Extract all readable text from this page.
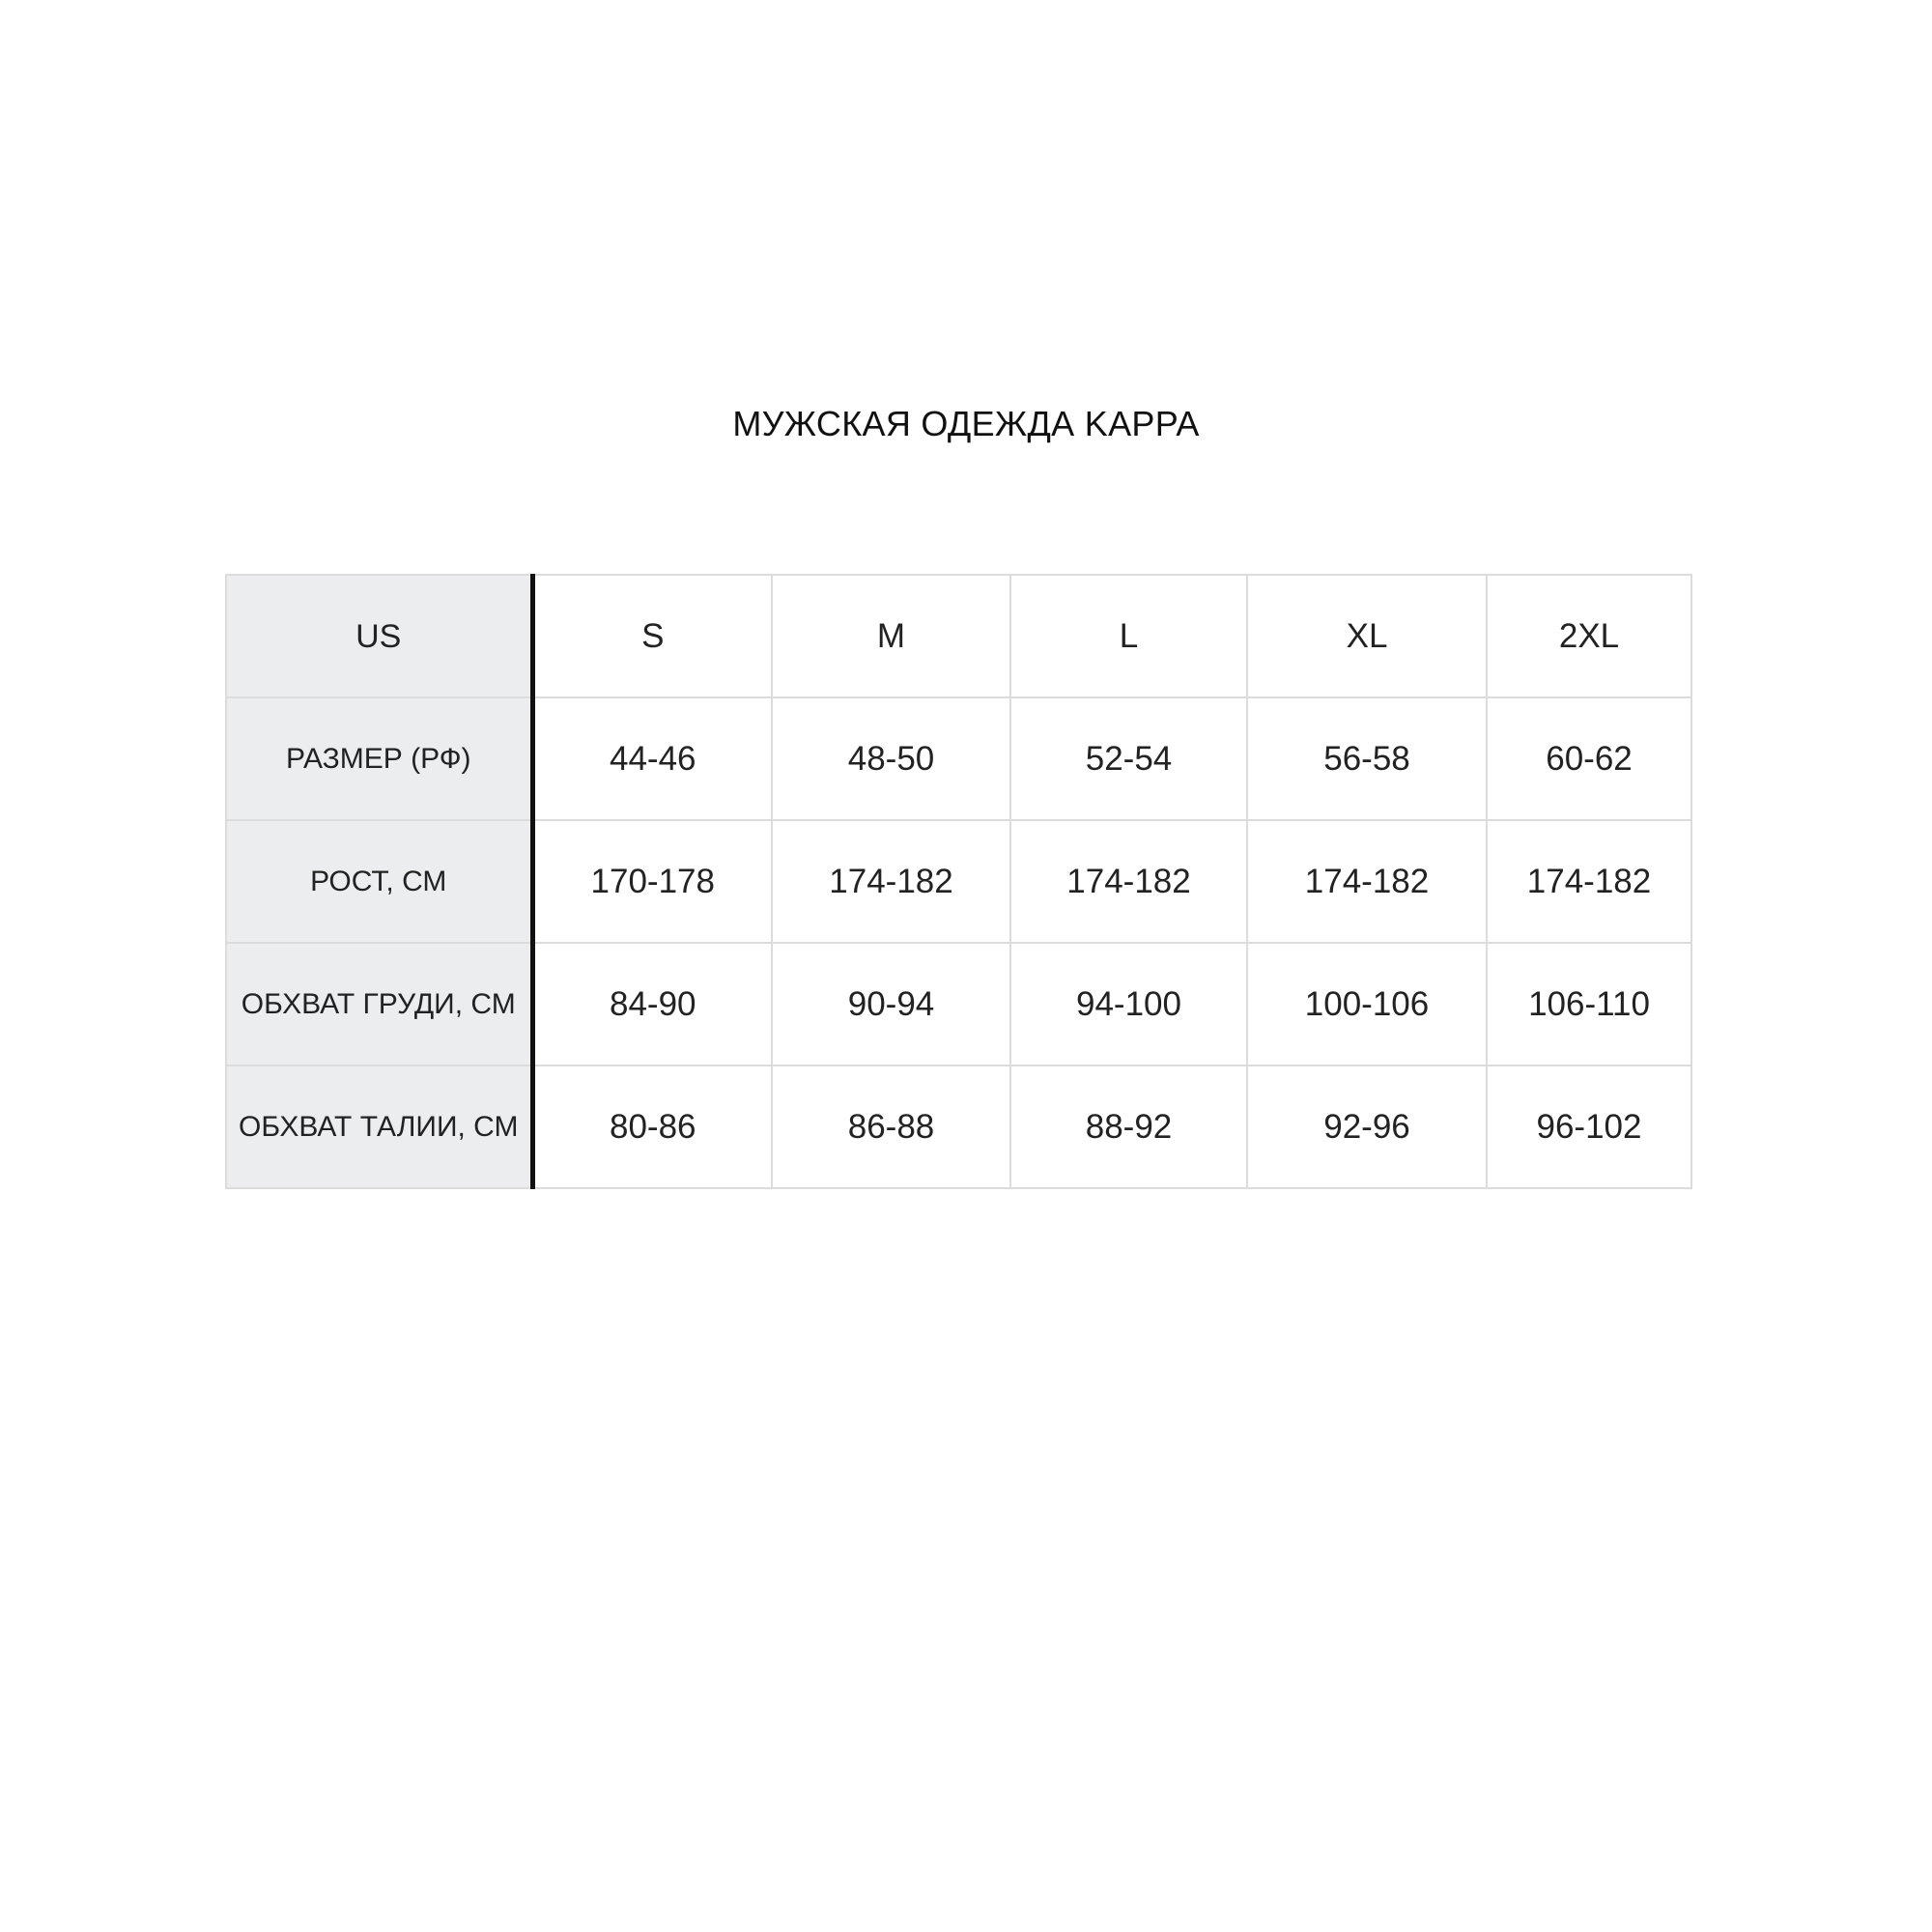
МУЖСКАЯ ОДЕЖДА KAPPA
US	S	M	L	XL	2XL
РАЗМЕР (РФ)	44-46	48-50	52-54	56-58	60-62
РОСТ, СМ	170-178	174-182	174-182	174-182	174-182
ОБХВАТ ГРУДИ, СМ	84-90	90-94	94-100	100-106	106-110
ОБХВАТ ТАЛИИ, СМ	80-86	86-88	88-92	92-96	96-102
